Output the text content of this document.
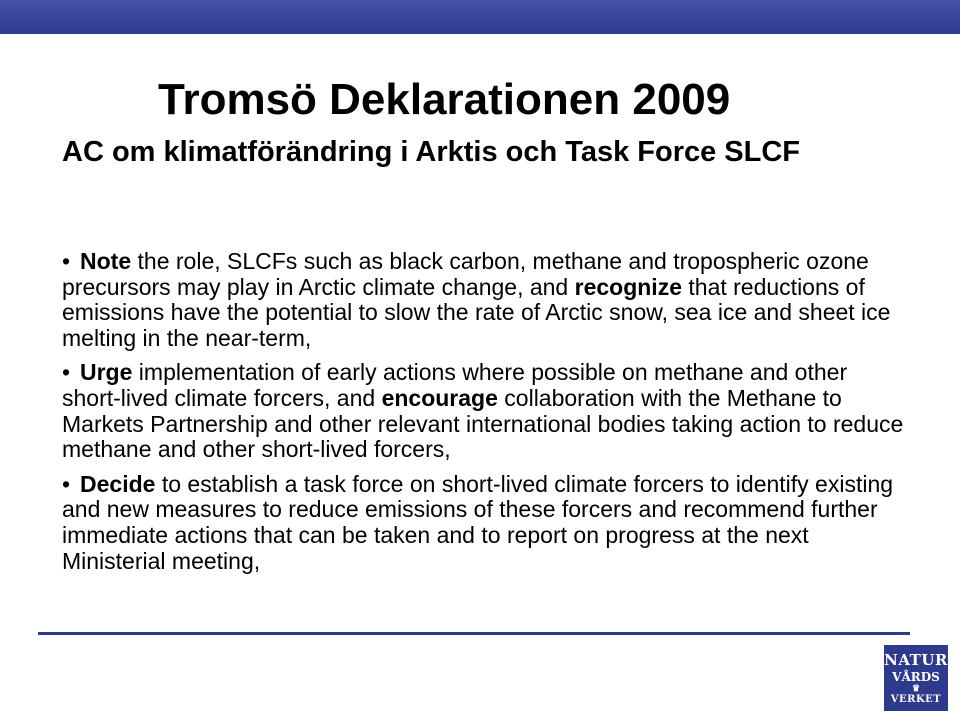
Tromsö Deklarationen 2009
AC om klimatförändring i Arktis och Task Force SLCF

• Note the role, SLCFs such as black carbon, methane and tropospheric ozone precursors may play in Arctic climate change, and recognize that reductions of emissions have the potential to slow the rate of Arctic snow, sea ice and sheet ice melting in the near-term,

• Urge implementation of early actions where possible on methane and other short-lived climate forcers, and encourage collaboration with the Methane to Markets Partnership and other relevant international bodies taking action to reduce methane and other short-lived forcers,

• Decide to establish a task force on short-lived climate forcers to identify existing and new measures to reduce emissions of these forcers and recommend further immediate actions that can be taken and to report on progress at the next Ministerial meeting,

NATUR
VÅRDS
♛
VERKET
